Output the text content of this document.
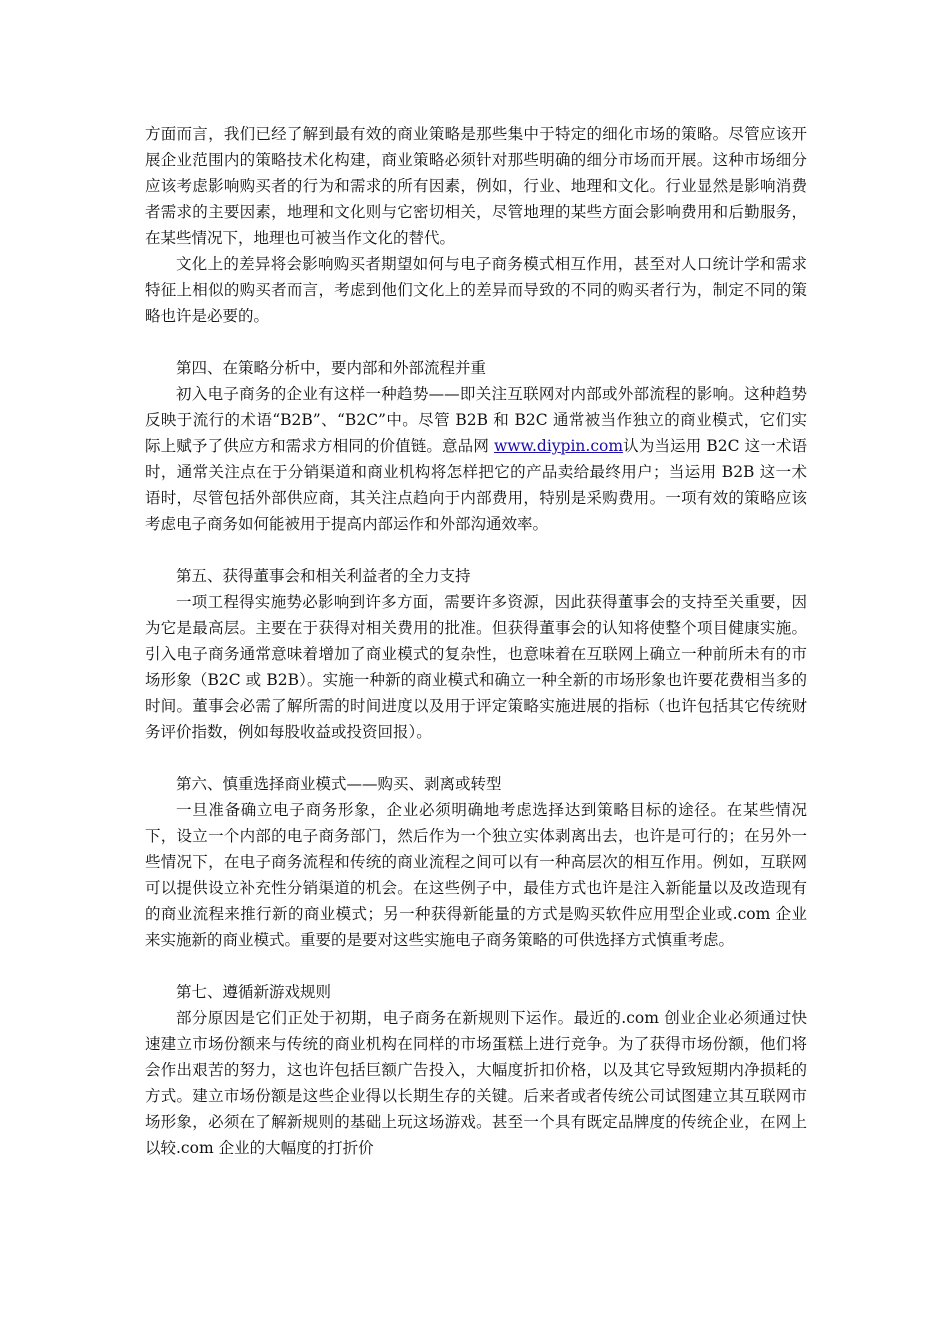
方面而言，我们已经了解到最有效的商业策略是那些集中于特定的细化市场的策略。尽管应该开展企业范围内的策略技术化构建，商业策略必须针对那些明确的细分市场而开展。这种市场细分应该考虑影响购买者的行为和需求的所有因素，例如，行业、地理和文化。行业显然是影响消费者需求的主要因素，地理和文化则与它密切相关，尽管地理的某些方面会影响费用和后勤服务，在某些情况下，地理也可被当作文化的替代。

文化上的差异将会影响购买者期望如何与电子商务模式相互作用，甚至对人口统计学和需求特征上相似的购买者而言，考虑到他们文化上的差异而导致的不同的购买者行为，制定不同的策略也许是必要的。

第四、在策略分析中，要内部和外部流程并重

初入电子商务的企业有这样一种趋势——即关注互联网对内部或外部流程的影响。这种趋势反映于流行的术语“B2B”、“B2C”中。尽管 B2B 和 B2C 通常被当作独立的商业模式，它们实际上赋予了供应方和需求方相同的价值链。意品网 www.diypin.com认为当运用 B2C 这一术语时，通常关注点在于分销渠道和商业机构将怎样把它的产品卖给最终用户；当运用 B2B 这一术语时，尽管包括外部供应商，其关注点趋向于内部费用，特别是采购费用。一项有效的策略应该考虑电子商务如何能被用于提高内部运作和外部沟通效率。

第五、获得董事会和相关利益者的全力支持

一项工程得实施势必影响到许多方面，需要许多资源，因此获得董事会的支持至关重要，因为它是最高层。主要在于获得对相关费用的批准。但获得董事会的认知将使整个项目健康实施。引入电子商务通常意味着增加了商业模式的复杂性，也意味着在互联网上确立一种前所未有的市场形象（B2C 或 B2B）。实施一种新的商业模式和确立一种全新的市场形象也许要花费相当多的时间。董事会必需了解所需的时间进度以及用于评定策略实施进展的指标（也许包括其它传统财务评价指数，例如每股收益或投资回报）。

第六、慎重选择商业模式——购买、剥离或转型

一旦准备确立电子商务形象，企业必须明确地考虑选择达到策略目标的途径。在某些情况下，设立一个内部的电子商务部门，然后作为一个独立实体剥离出去，也许是可行的；在另外一些情况下，在电子商务流程和传统的商业流程之间可以有一种高层次的相互作用。例如，互联网可以提供设立补充性分销渠道的机会。在这些例子中，最佳方式也许是注入新能量以及改造现有的商业流程来推行新的商业模式；另一种获得新能量的方式是购买软件应用型企业或.com 企业来实施新的商业模式。重要的是要对这些实施电子商务策略的可供选择方式慎重考虑。

第七、遵循新游戏规则

部分原因是它们正处于初期，电子商务在新规则下运作。最近的.com 创业企业必须通过快速建立市场份额来与传统的商业机构在同样的市场蛋糕上进行竞争。为了获得市场份额，他们将会作出艰苦的努力，这也许包括巨额广告投入，大幅度折扣价格，以及其它导致短期内净损耗的方式。建立市场份额是这些企业得以长期生存的关键。后来者或者传统公司试图建立其互联网市场形象，必须在了解新规则的基础上玩这场游戏。甚至一个具有既定品牌度的传统企业，在网上以较.com 企业的大幅度的打折价
